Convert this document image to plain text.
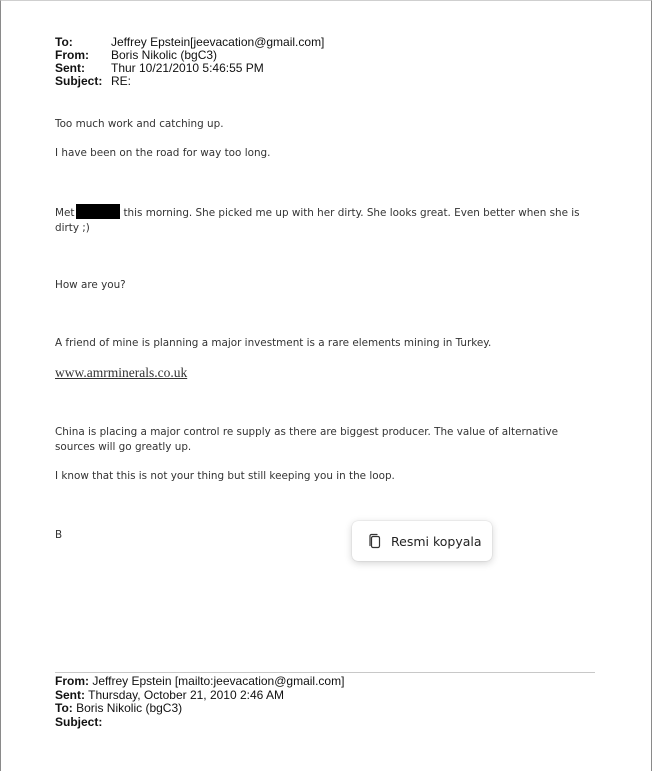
To:	Jeffrey Epstein[jeevacation@gmail.com]
From: Boris Nikolic (bgC3)
Sent: Thur 10/21/2010 5:46:55 PM
Subject: RE:
Too much work and catching up.
I have been on the road for way too long.
Met	this morning. She picked me up with her dirty. She looks great. Even better when she is dirty ;)
How are you?
A friend of mine is planning a major investment is a rare elements mining in Turkey.
www.amrminerals.co.uk
China is placing a major control re supply as there are biggest producer. The value of alternative sources will go greatly up.
I know that this is not your thing but still keeping you in the loop.
B
From: Jeffrey Epstein [mailto:jeevacation@gmail.com]
Sent: Thursday, October 21, 2010 2:46 AM
To: Boris Nikolic (bgC3)
Subject:
Resmi kopyala
